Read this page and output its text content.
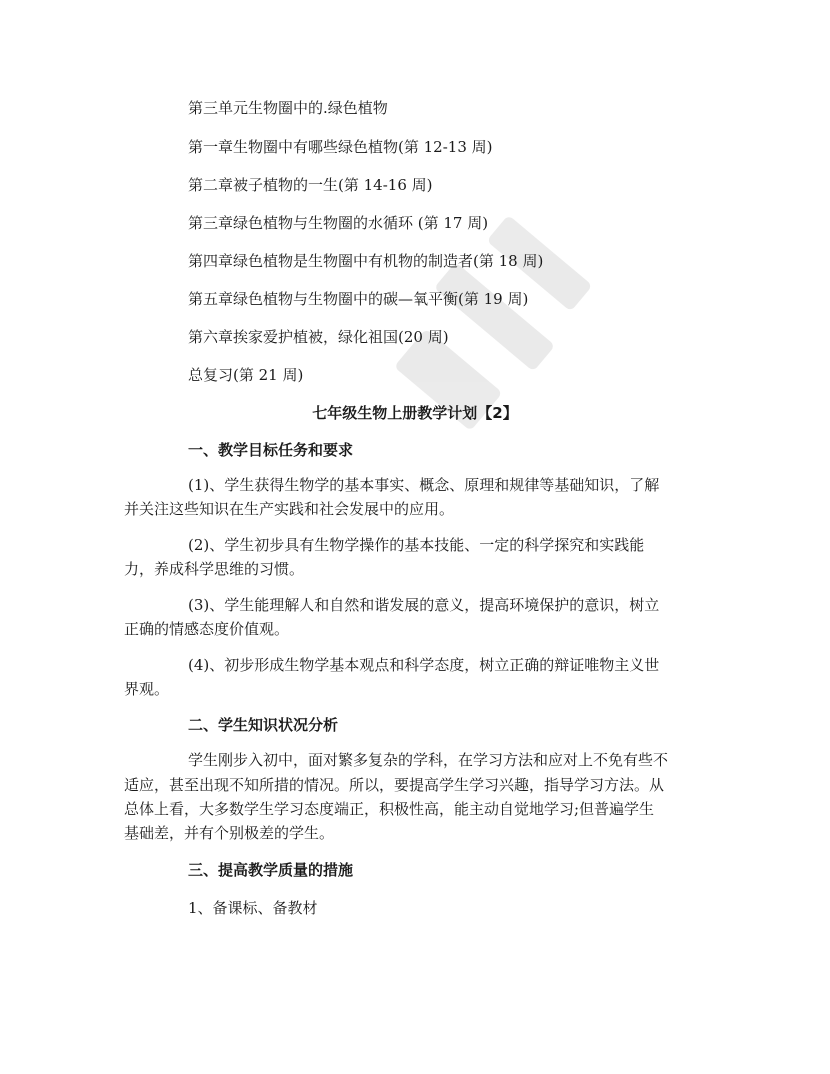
第三单元生物圈中的.绿色植物
第一章生物圈中有哪些绿色植物(第 12-13 周)
第二章被子植物的一生(第 14-16 周)
第三章绿色植物与生物圈的水循环 (第 17 周)
第四章绿色植物是生物圈中有机物的制造者(第 18 周)
第五章绿色植物与生物圈中的碳—氧平衡(第 19 周)
第六章挨家爱护植被，绿化祖国(20 周)
总复习(第 21 周)
七年级生物上册教学计划【2】
一、教学目标任务和要求
(1)、学生获得生物学的基本事实、概念、原理和规律等基础知识，了解
并关注这些知识在生产实践和社会发展中的应用。
(2)、学生初步具有生物学操作的基本技能、一定的科学探究和实践能
力，养成科学思维的习惯。
(3)、学生能理解人和自然和谐发展的意义，提高环境保护的意识，树立
正确的情感态度价值观。
(4)、初步形成生物学基本观点和科学态度，树立正确的辩证唯物主义世
界观。
二、学生知识状况分析
学生刚步入初中，面对繁多复杂的学科，在学习方法和应对上不免有些不
适应，甚至出现不知所措的情况。所以，要提高学生学习兴趣，指导学习方法。从
总体上看，大多数学生学习态度端正，积极性高，能主动自觉地学习;但普遍学生
基础差，并有个别极差的学生。
三、提高教学质量的措施
1、备课标、备教材
